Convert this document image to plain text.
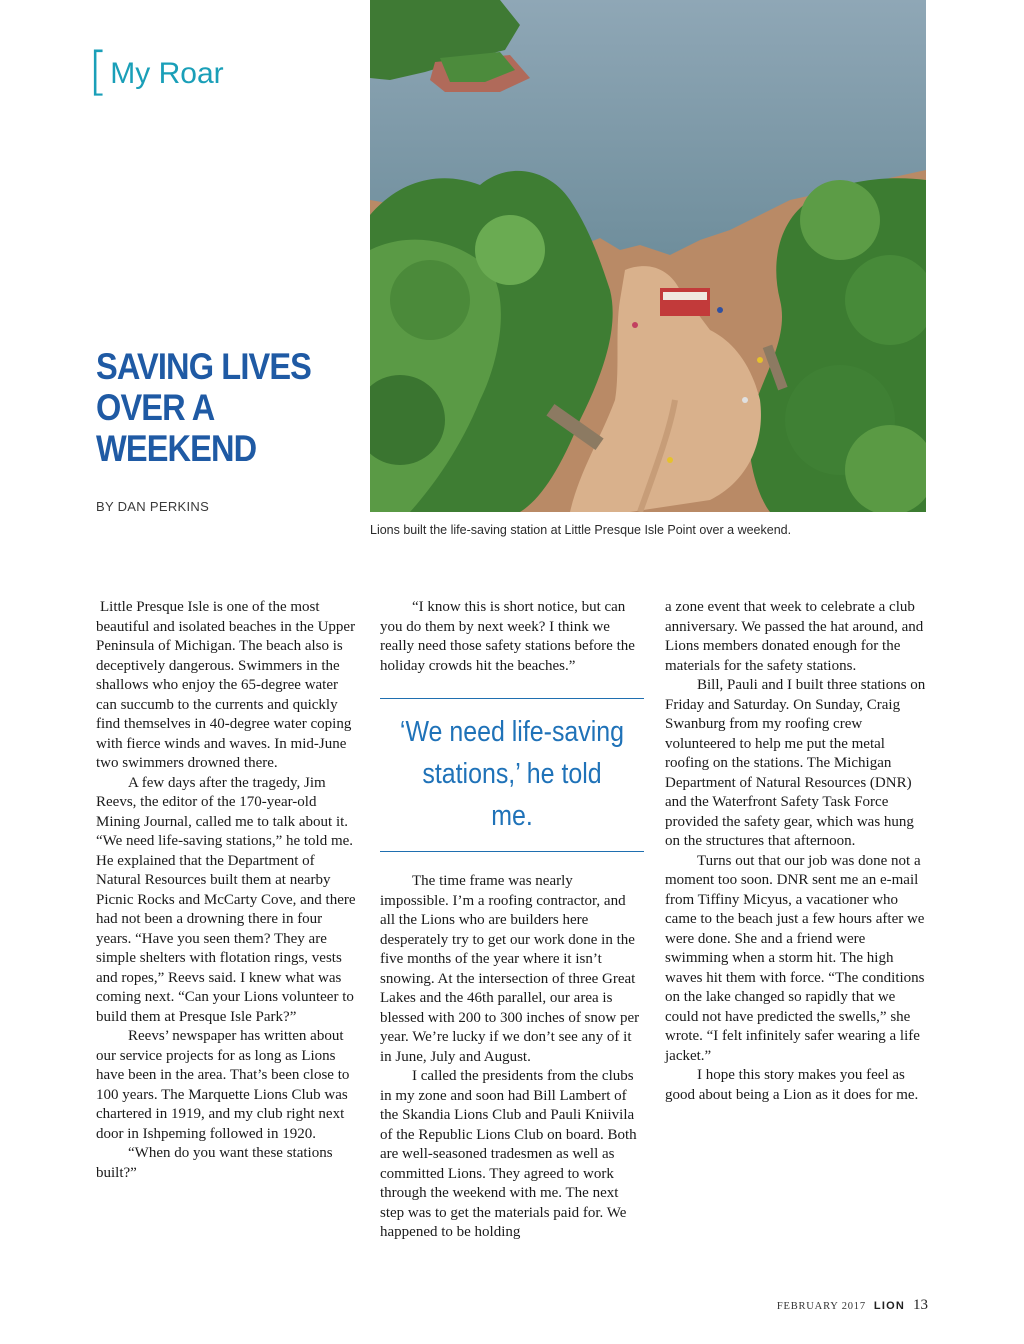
[ My Roar
SAVING LIVES
OVER A
WEEKEND
BY DAN PERKINS
Lions built the life-saving station at Little Presque Isle Point over a weekend.

Little Presque Isle is one of the most beautiful and isolated beaches in the Upper Peninsula of Michigan. The beach also is deceptively dangerous. Swimmers in the shallows who enjoy the 65-degree water can succumb to the currents and quickly find themselves in 40-degree water coping with fierce winds and waves. In mid-June two swimmers drowned there.

A few days after the tragedy, Jim Reevs, the editor of the 170-year-old Mining Journal, called me to talk about it. “We need life-saving stations,” he told me. He explained that the Department of Natural Resources built them at nearby Picnic Rocks and McCarty Cove, and there had not been a drowning there in four years. “Have you seen them? They are simple shelters with flotation rings, vests and ropes,” Reevs said. I knew what was coming next. “Can your Lions volunteer to build them at Presque Isle Park?”

Reevs’ newspaper has written about our service projects for as long as Lions have been in the area. That’s been close to 100 years. The Marquette Lions Club was chartered in 1919, and my club right next door in Ishpeming followed in 1920.

“When do you want these stations built?”

“I know this is short notice, but can you do them by next week? I think we really need those safety stations before the holiday crowds hit the beaches.”

‘We need life-saving
stations,’ he told me.

The time frame was nearly impossible. I’m a roofing contractor, and all the Lions who are builders here desperately try to get our work done in the five months of the year where it isn’t snowing. At the intersection of three Great Lakes and the 46th parallel, our area is blessed with 200 to 300 inches of snow per year. We’re lucky if we don’t see any of it in June, July and August.

I called the presidents from the clubs in my zone and soon had Bill Lambert of the Skandia Lions Club and Pauli Kniivila of the Republic Lions Club on board. Both are well-seasoned tradesmen as well as committed Lions. They agreed to work through the weekend with me. The next step was to get the materials paid for. We happened to be holding

a zone event that week to celebrate a club anniversary. We passed the hat around, and Lions members donated enough for the materials for the safety stations.

Bill, Pauli and I built three stations on Friday and Saturday. On Sunday, Craig Swanburg from my roofing crew volunteered to help me put the metal roofing on the stations. The Michigan Department of Natural Resources (DNR) and the Waterfront Safety Task Force provided the safety gear, which was hung on the structures that afternoon.

Turns out that our job was done not a moment too soon. DNR sent me an e-mail from Tiffiny Micyus, a vacationer who came to the beach just a few hours after we were done. She and a friend were swimming when a storm hit. The high waves hit them with force. “The conditions on the lake changed so rapidly that we could not have predicted the swells,” she wrote. “I felt infinitely safer wearing a life jacket.”

I hope this story makes you feel as good about being a Lion as it does for me.

FEBRUARY 2017 LION 13
